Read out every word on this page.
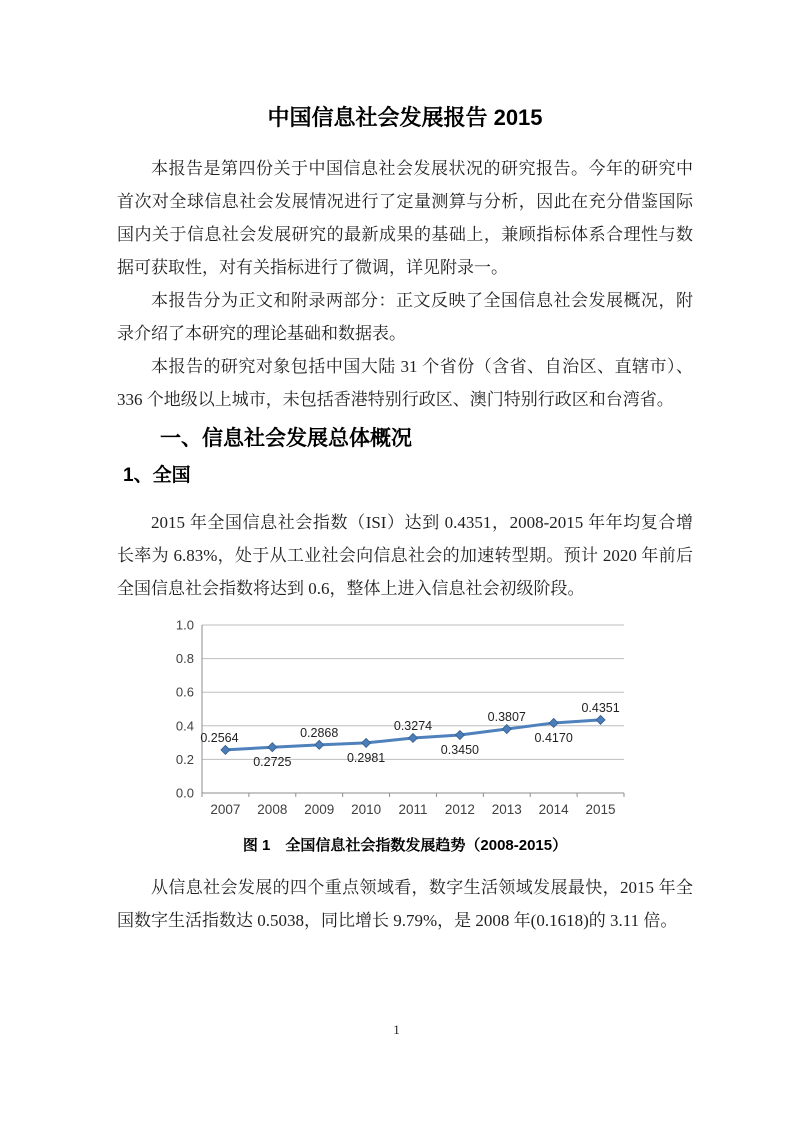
中国信息社会发展报告 2015

本报告是第四份关于中国信息社会发展状况的研究报告。今年的研究中首次对全球信息社会发展情况进行了定量测算与分析，因此在充分借鉴国际国内关于信息社会发展研究的最新成果的基础上，兼顾指标体系合理性与数据可获取性，对有关指标进行了微调，详见附录一。

本报告分为正文和附录两部分：正文反映了全国信息社会发展概况，附录介绍了本研究的理论基础和数据表。

本报告的研究对象包括中国大陆 31 个省份（含省、自治区、直辖市）、336 个地级以上城市，未包括香港特别行政区、澳门特别行政区和台湾省。

一、信息社会发展总体概况
1、全国

2015 年全国信息社会指数（ISI）达到 0.4351，2008-2015 年年均复合增长率为 6.83%，处于从工业社会向信息社会的加速转型期。预计 2020 年前后全国信息社会指数将达到 0.6，整体上进入信息社会初级阶段。

0.0
0.2
0.4
0.6
0.8
1.0
2007 2008 2009 2010 2011 2012 2013 2014 2015
0.2564
0.2725
0.2868
0.2981
0.3274
0.3450
0.3807
0.4170
0.4351
图 1　全国信息社会指数发展趋势（2008-2015）

从信息社会发展的四个重点领域看，数字生活领域发展最快，2015 年全国数字生活指数达 0.5038，同比增长 9.79%，是 2008 年(0.1618)的 3.11 倍。

1
